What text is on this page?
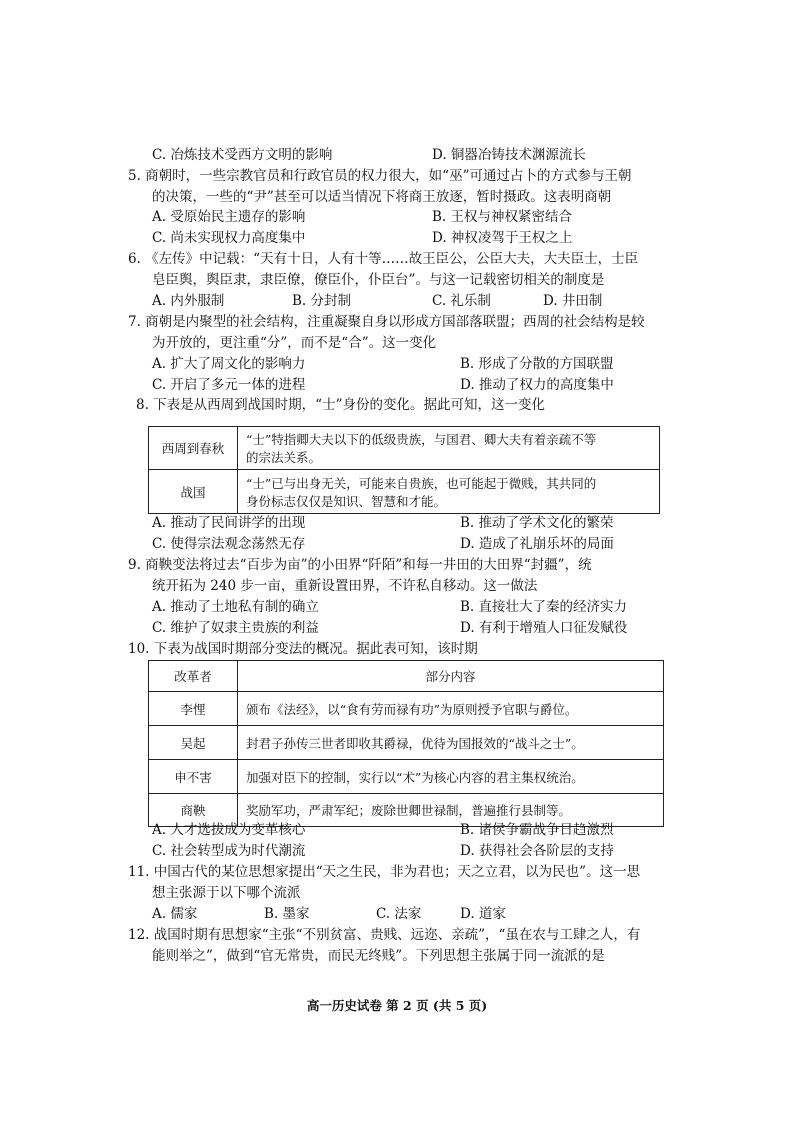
C. 冶炼技术受西方文明的影响	D. 铜器冶铸技术渊源流长
5. 商朝时，一些宗教官员和行政官员的权力很大，如“巫”可通过占卜的方式参与王朝
的决策，一些的“尹”甚至可以适当情况下将商王放逐，暂时摄政。这表明商朝
A. 受原始民主遗存的影响	B. 王权与神权紧密结合
C. 尚未实现权力高度集中	D. 神权凌驾于王权之上
6. 《左传》中记载：“天有十日，人有十等……故王臣公，公臣大夫，大夫臣士，士臣
皂臣舆，舆臣隶，隶臣僚，僚臣仆，仆臣台”。与这一记载密切相关的制度是
A. 内外服制	B. 分封制	C. 礼乐制	D. 井田制
7. 商朝是内聚型的社会结构，注重凝聚自身以形成方国部落联盟；西周的社会结构是较
为开放的，更注重“分”，而不是“合”。这一变化
A. 扩大了周文化的影响力	B. 形成了分散的方国联盟
C. 开启了多元一体的进程	D. 推动了权力的高度集中
8. 下表是从西周到战国时期，“士”身份的变化。据此可知，这一变化
西周到春秋	“士”特指卿大夫以下的低级贵族，与国君、卿大夫有着亲疏不等
的宗法关系。

战国	“士”已与出身无关，可能来自贵族，也可能起于微贱，其共同的
身份标志仅仅是知识、智慧和才能。
A. 推动了民间讲学的出现	B. 推动了学术文化的繁荣
C. 使得宗法观念荡然无存	D. 造成了礼崩乐坏的局面
9. 商鞅变法将过去“百步为亩”的小田界“阡陌”和每一井田的大田界“封疆”，统
统开拓为 240 步一亩，重新设置田界，不许私自移动。这一做法
A. 推动了土地私有制的确立	B. 直接壮大了秦的经济实力
C. 维护了奴隶主贵族的利益	D. 有利于增殖人口征发赋役
10. 下表为战国时期部分变法的概况。据此表可知，该时期
改革者	部分内容
李悝	颁布《法经》，以“食有劳而禄有功”为原则授予官职与爵位。
吴起	封君子孙传三世者即收其爵禄，优待为国报效的“战斗之士”。
申不害	加强对臣下的控制，实行以“术”为核心内容的君主集权统治。
商鞅	奖励军功，严肃军纪；废除世卿世禄制，普遍推行县制等。
A. 人才选拔成为变革核心	B. 诸侯争霸战争日趋激烈
C. 社会转型成为时代潮流	D. 获得社会各阶层的支持
11. 中国古代的某位思想家提出“天之生民，非为君也；天之立君，以为民也”。这一思
想主张源于以下哪个流派
A. 儒家	B. 墨家	C. 法家	D. 道家
12. 战国时期有思想家“主张“不别贫富、贵贱、远迩、亲疏”，“虽在农与工肆之人，有
能则举之”，做到“官无常贵，而民无终贱”。下列思想主张属于同一流派的是
高一历史试卷 第 2 页 (共 5 页)
